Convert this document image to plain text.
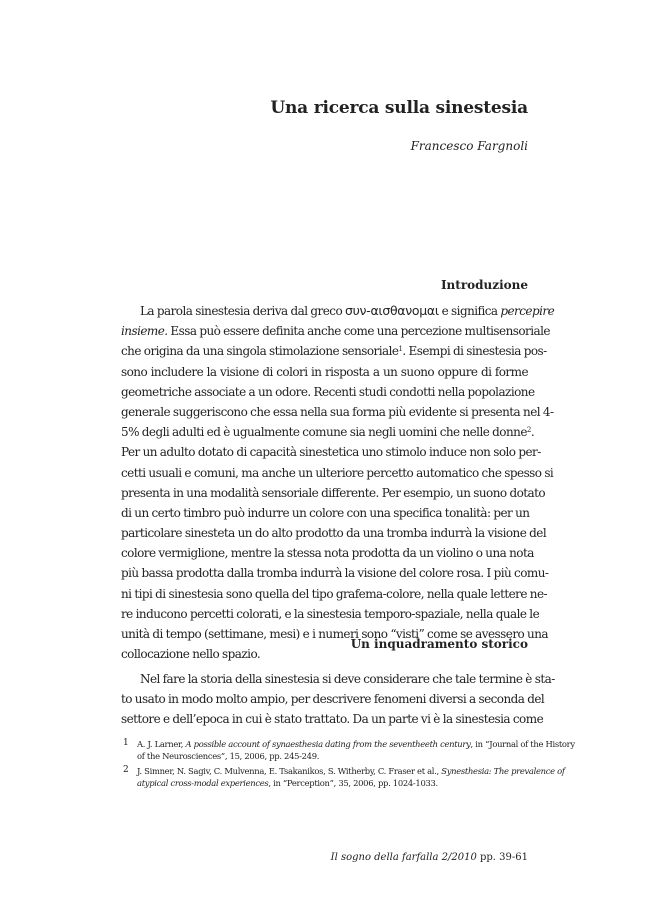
Una ricerca sulla sinestesia
Francesco Fargnoli
Introduzione
La parola sinestesia deriva dal greco συν-αισθανομαι e significa percepire
insieme. Essa può essere definita anche come una percezione multisensoriale
che origina da una singola stimolazione sensoriale$^1$. Esempi di sinestesia pos-
sono includere la visione di colori in risposta a un suono oppure di forme
geometriche associate a un odore. Recenti studi condotti nella popolazione
generale suggeriscono che essa nella sua forma più evidente si presenta nel 4-
5% degli adulti ed è ugualmente comune sia negli uomini che nelle donne$^2$.
Per un adulto dotato di capacità sinestetica uno stimolo induce non solo per-
cetti usuali e comuni, ma anche un ulteriore percetto automatico che spesso si
presenta in una modalità sensoriale differente. Per esempio, un suono dotato
di un certo timbro può indurre un colore con una specifica tonalità: per un
particolare sinesteta un do alto prodotto da una tromba indurrà la visione del
colore vermiglione, mentre la stessa nota prodotta da un violino o una nota
più bassa prodotta dalla tromba indurrà la visione del colore rosa. I più comu-
ni tipi di sinestesia sono quella del tipo grafema-colore, nella quale lettere ne-
re inducono percetti colorati, e la sinestesia temporo-spaziale, nella quale le
unità di tempo (settimane, mesi) e i numeri sono “visti” come se avessero una
collocazione nello spazio.
Un inquadramento storico
Nel fare la storia della sinestesia si deve considerare che tale termine è sta-
to usato in modo molto ampio, per descrivere fenomeni diversi a seconda del
settore e dell’epoca in cui è stato trattato. Da un parte vi è la sinestesia come
1 A. J. Larner, A possible account of synaesthesia dating from the seventheeth century, in “Journal of the History
of the Neurosciences”, 15, 2006, pp. 245-249.
2 J. Simner, N. Sagiv, C. Mulvenna, E. Tsakanikos, S. Witherby, C. Fraser et al., Synesthesia: The prevalence of
atypical cross-modal experiences, in “Perception”, 35, 2006, pp. 1024-1033.
Il sogno della farfalla 2/2010 pp. 39-61
